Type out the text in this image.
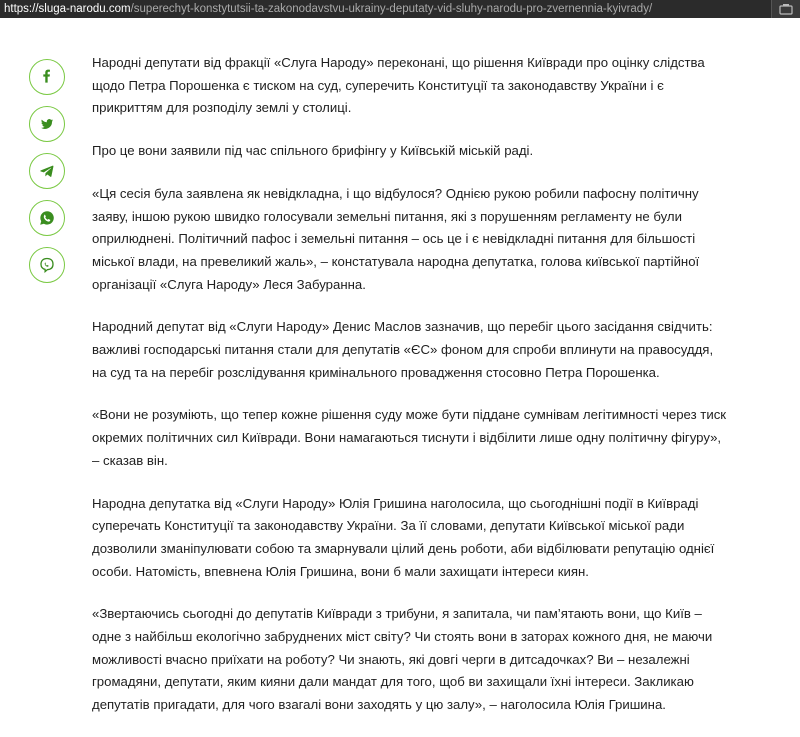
https://sluga-narodu.com/superechyt-konstytutsii-ta-zakonodavstvu-ukrainy-deputaty-vid-sluhy-narodu-pro-zvernennia-kyivrady/

Народні депутати від фракції «Слуга Народу» переконані, що рішення Київради про оцінку слідства щодо Петра Порошенка є тиском на суд, суперечить Конституції та законодавству України і є прикриттям для розподілу землі у столиці.

Про це вони заявили під час спільного брифінгу у Київській міській раді.

«Ця сесія була заявлена як невідкладна, і що відбулося? Однією рукою робили пафосну політичну заяву, іншою рукою швидко голосували земельні питання, які з порушенням регламенту не були оприлюднені. Політичний пафос і земельні питання – ось це і є невідкладні питання для більшості міської влади, на превеликий жаль», – констатувала народна депутатка, голова київської партійної організації «Слуга Народу» Леся Забуранна.

Народний депутат від «Слуги Народу» Денис Маслов зазначив, що перебіг цього засідання свідчить: важливі господарські питання стали для депутатів «ЄС» фоном для спроби вплинути на правосуддя, на суд та на перебіг розслідування кримінального провадження стосовно Петра Порошенка.

«Вони не розуміють, що тепер кожне рішення суду може бути піддане сумнівам легітимності через тиск окремих політичних сил Київради. Вони намагаються тиснути і відбілити лише одну політичну фігуру», – сказав він.

Народна депутатка від «Слуги Народу» Юлія Гришина наголосила, що сьогоднішні події в Київраді суперечать Конституції та законодавству України. За її словами, депутати Київської міської ради дозволили зманіпулювати собою та змарнували цілий день роботи, аби відбілювати репутацію однієї особи. Натомість, впевнена Юлія Гришина, вони б мали захищати інтереси киян.

«Звертаючись сьогодні до депутатів Київради з трибуни, я запитала, чи пам’ятають вони, що Київ – одне з найбільш екологічно забруднених міст світу? Чи стоять вони в заторах кожного дня, не маючи можливості вчасно приїхати на роботу? Чи знають, які довгі черги в дитсадочках? Ви – незалежні громадяни, депутати, яким кияни дали мандат для того, щоб ви захищали їхні інтереси. Закликаю депутатів пригадати, для чого взагалі вони заходять у цю залу», – наголосила Юлія Гришина.
